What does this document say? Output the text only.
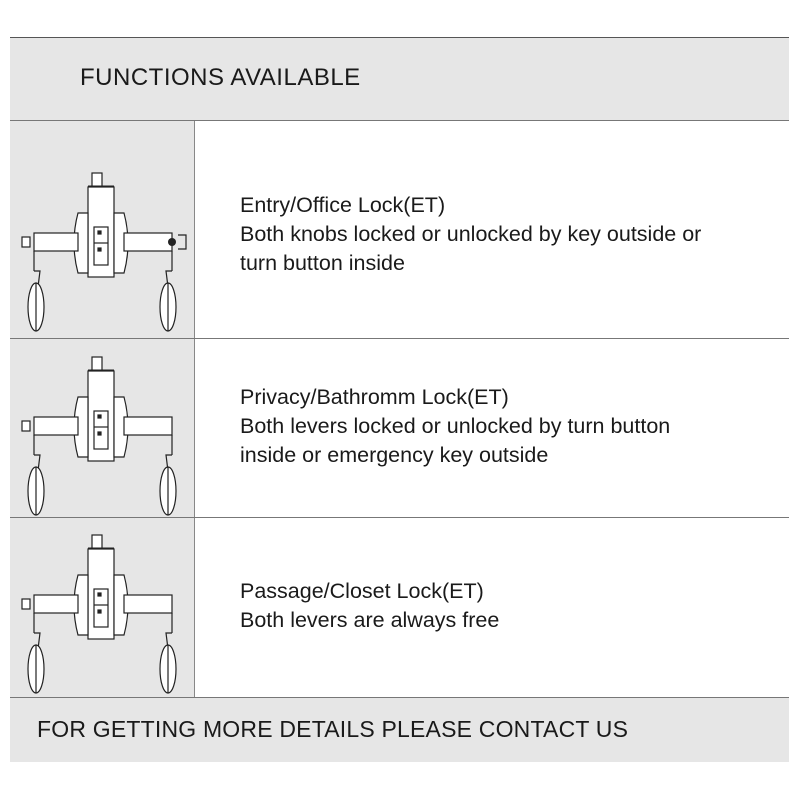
FUNCTIONS AVAILABLE
Entry/Office Lock(ET)
Both knobs locked or unlocked by key outside or
turn button inside
Privacy/Bathromm Lock(ET)
Both levers locked or unlocked by turn button
inside or emergency key outside
Passage/Closet Lock(ET)
Both levers are always free
FOR GETTING MORE DETAILS PLEASE CONTACT US
